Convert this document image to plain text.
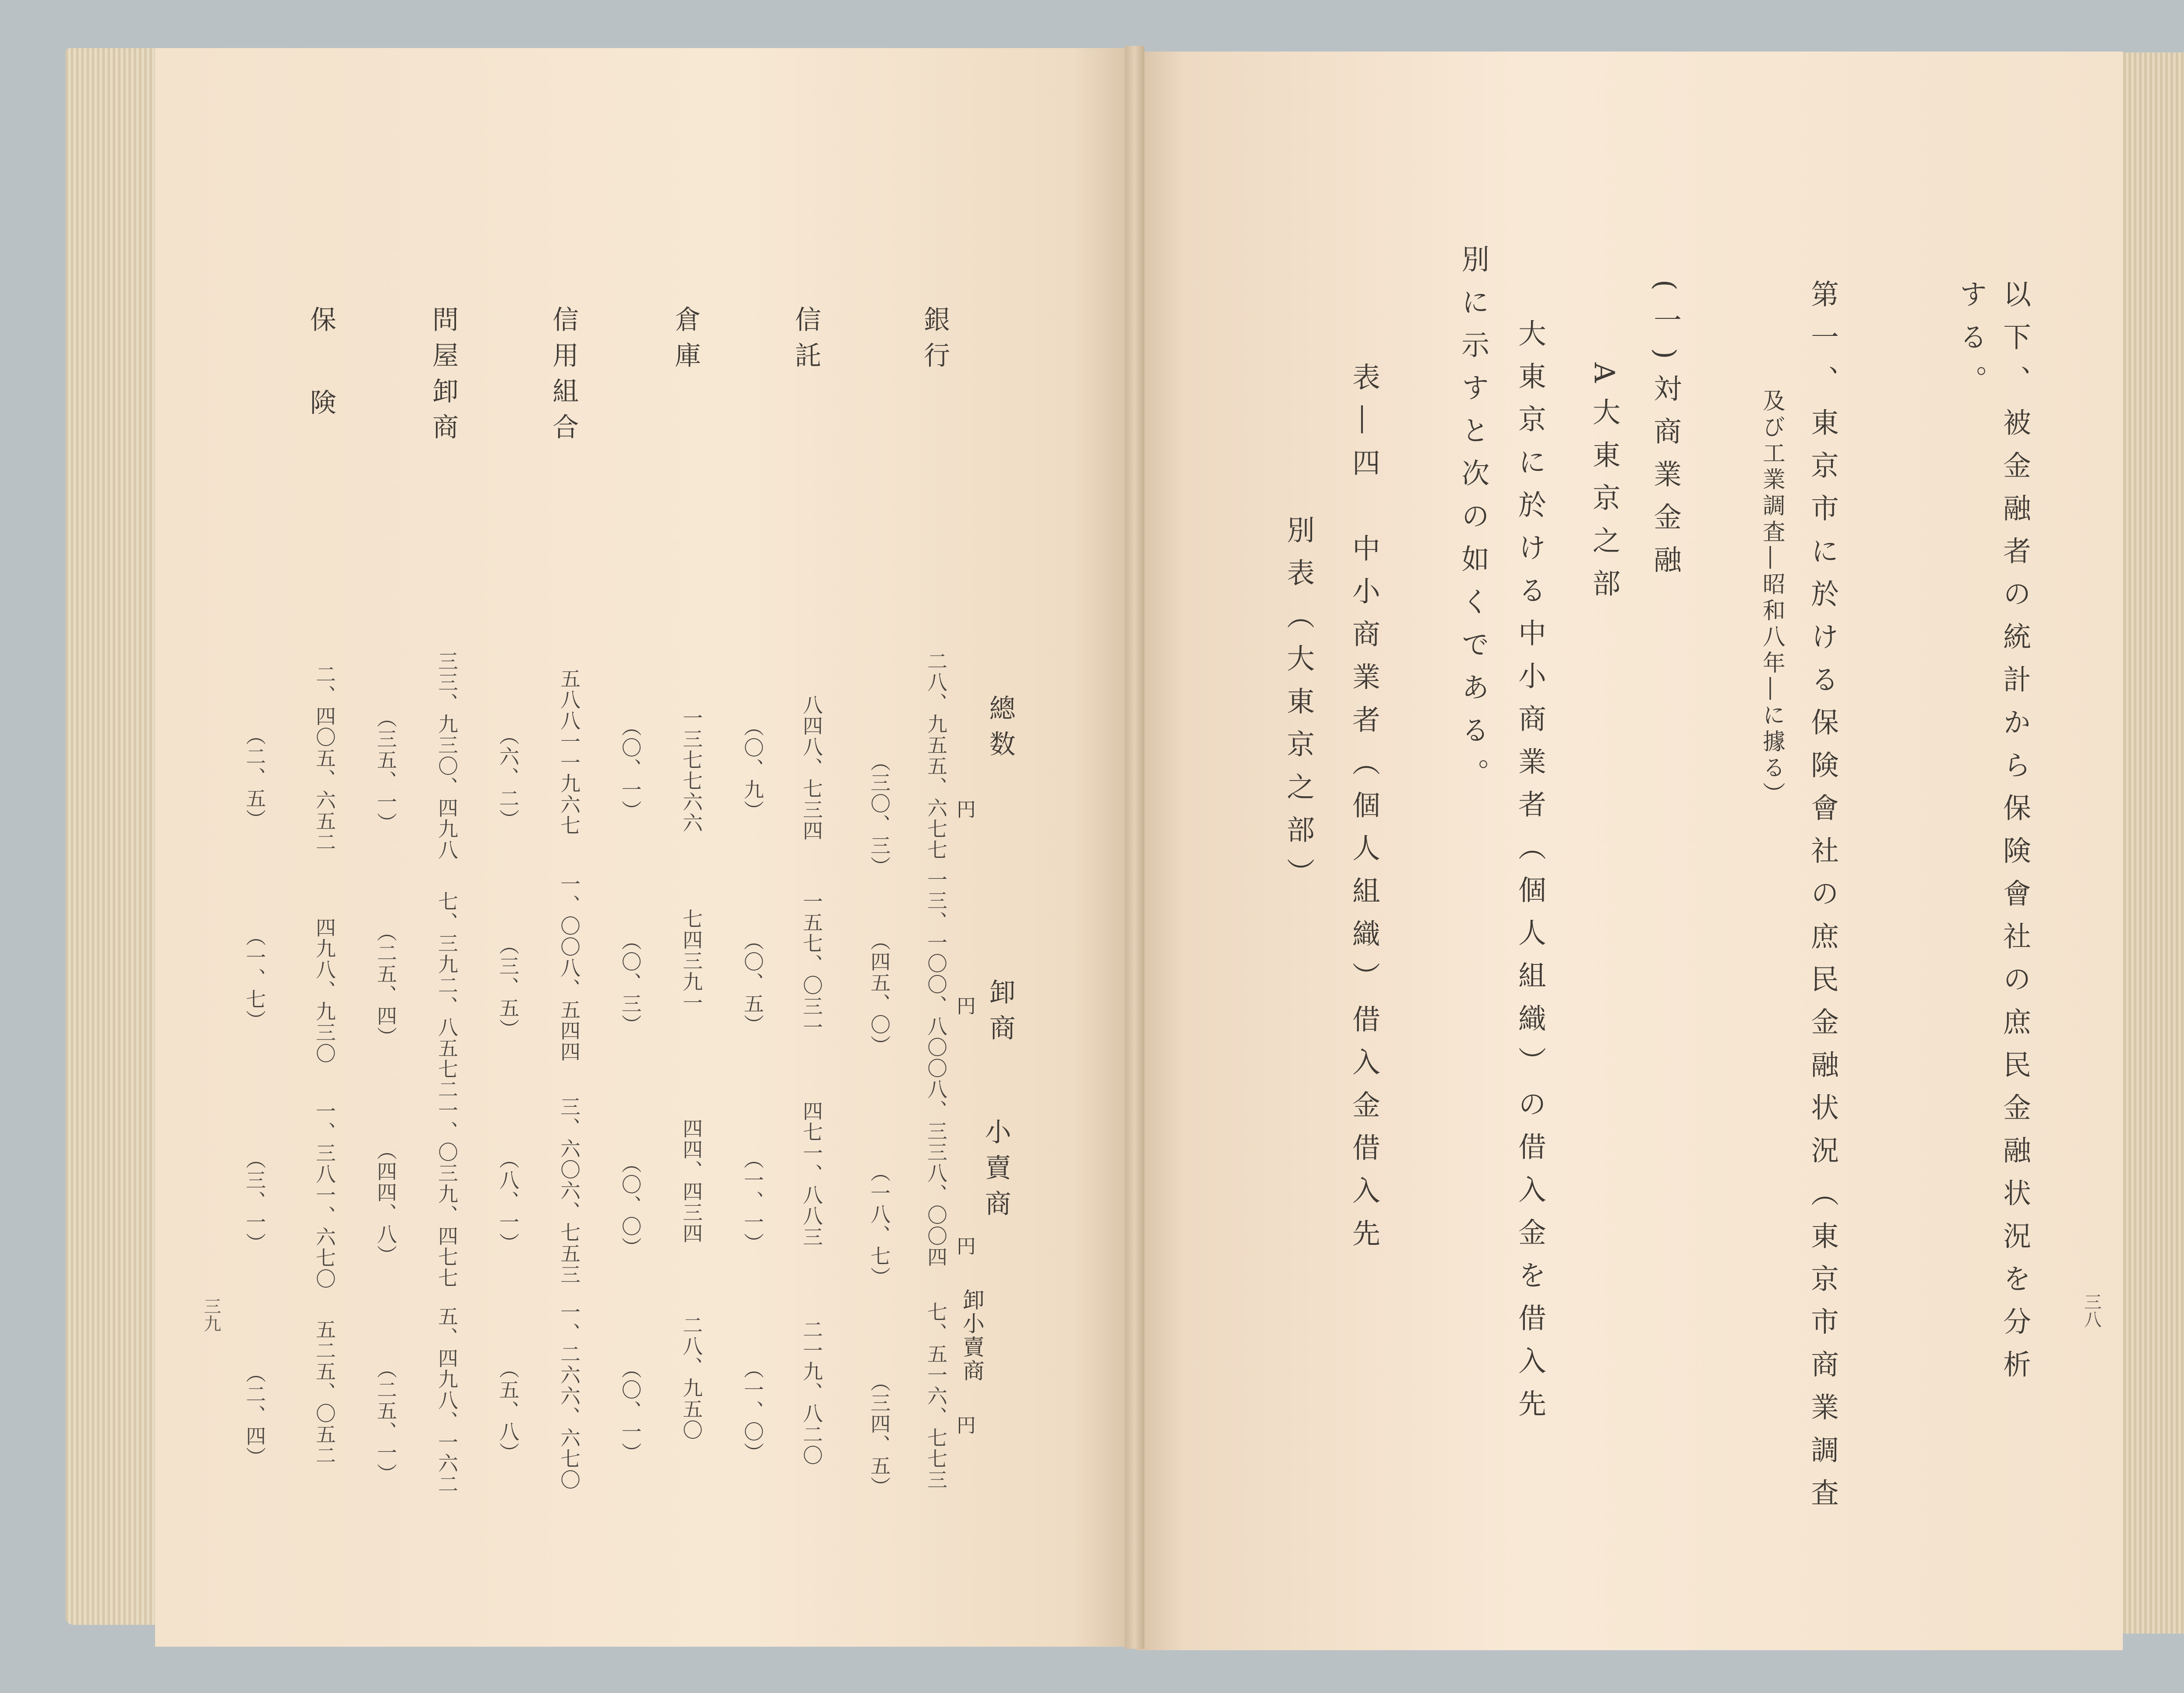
以下、被金融者の統計から保険會社の庶民金融状況を分析
する。
第一、東京市に於ける保険會社の庶民金融状況（東京市商業調査
及び工業調査―昭和八年―に據る）
(一)対商業金融
A大東京之部
大東京に於ける中小商業者（個人組織）の借入金を借入先
別に示すと次の如くである。
表―四　中小商業者（個人組織）借入金借入先
別表（大東京之部）
三八
總数
卸商
小賣商
卸小賣商
銀行
二八、九五五、六七七
一三、一〇〇、八〇〇
八、三三八、〇〇四
七、五一六、七七三
（三〇、三）
（四五、〇）
（一八、七）
（三四、五）
信託
八四八、七三四
一五七、〇三一
四七一、八八三
二一九、八二〇
（〇、九）
（〇、五）
（一、一）
（一、〇）
倉庫
一三七七六六
七四三九一
四四、四三四
二八、九五〇
（〇、一）
（〇、三）
（〇、〇）
（〇、一）
信用組合
五八八一一九六七
一、〇〇八、五四四
三、六〇六、七五三
一、二六六、六七〇
（六、二）
（三、五）
（八、一）
（五、八）
問屋卸商
三三、九三〇、四九八
七、三九二、八五七
二一、〇三九、四七七
五、四九八、一六二
（三五、一）
（二五、四）
（四四、八）
（二五、一）
保険
二、四〇五、六五二
四九八、九三〇
一、三八一、六七〇
五二五、〇五二
（二、五）
（一、七）
（三、一）
（二、四）
円
円
円
円
三九
